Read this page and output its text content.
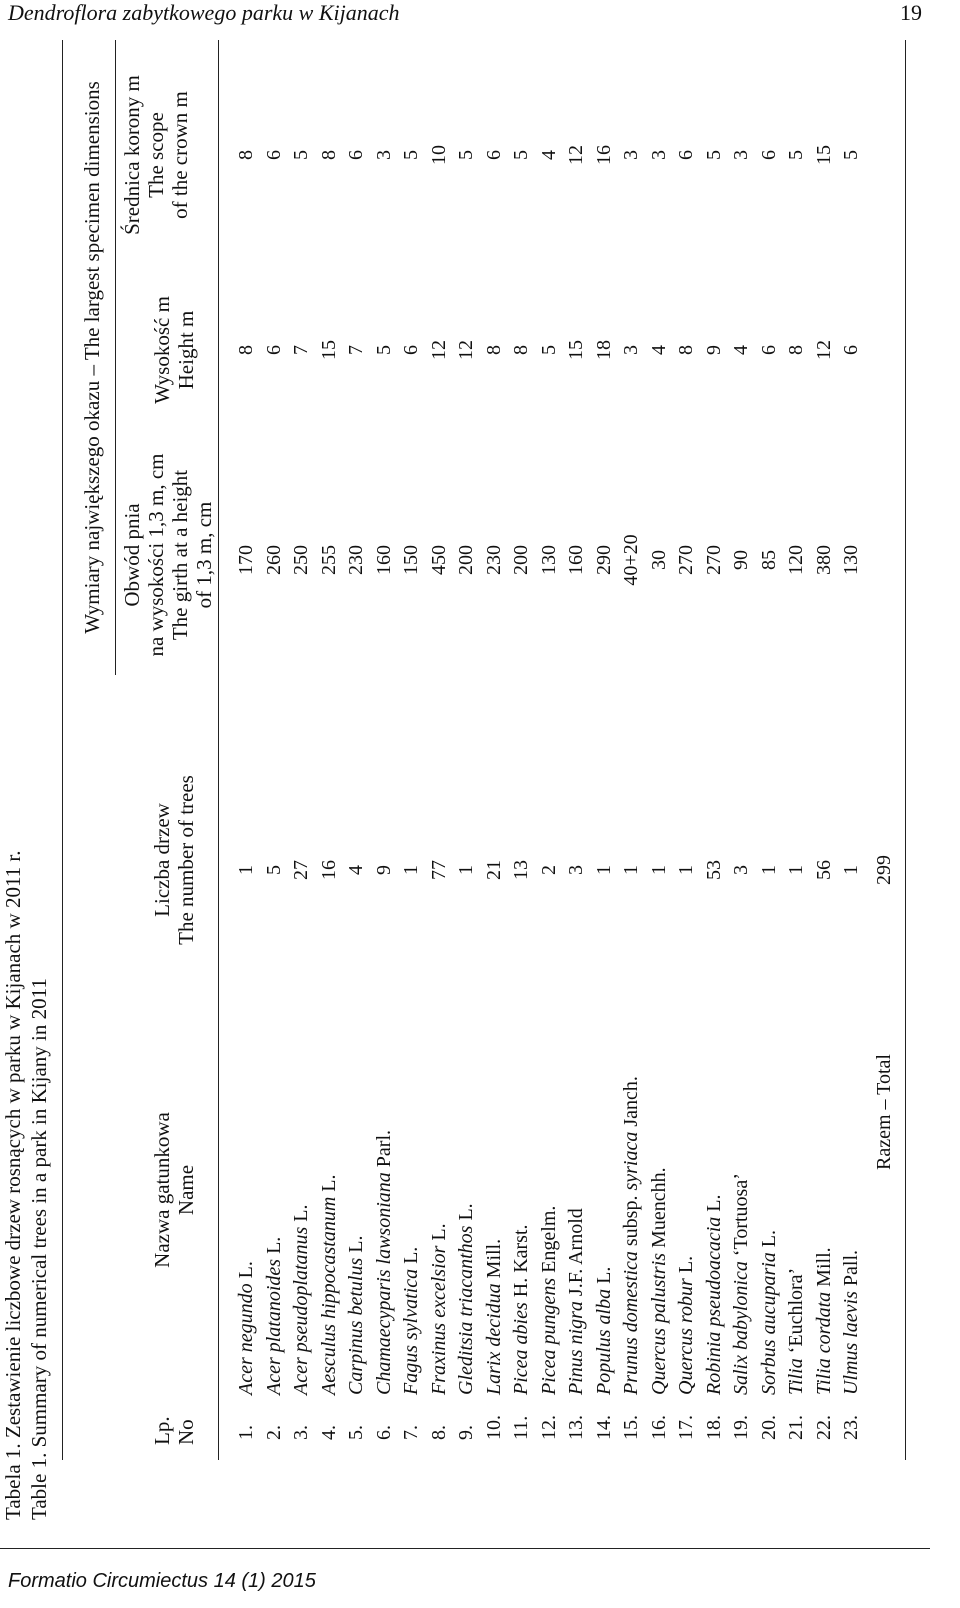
Dendroflora zabytkowego parku w Kijanach	19
Tabela 1. Zestawienie liczbowe drzew rosnących w parku w Kijanach w 2011 r. Table 1. Summary of numerical trees in a park in Kijany in 2011	Lp. No
Nazwa gatunkowa Name
Liczba drzew The number of trees
Wymiary największego okazu – The largest specimen dimensions Obwód pnia na wysokości 1,3 m, cm The girth at a height of 1,3 m, cm
Wysokość m Height m
Średnica korony m The scope of the crown m
1.
Acer negundo L.
1
170
8
8
2.
Acer platanoides L.
5
260
6
6
3.
Acer pseudoplatanus L.
27
250
7
5
4.
Aesculus hippocastanum L.
16
255
15
8
5.
Carpinus betulus L.
4
230
7
6
6.
Chamaecyparis lawsoniana Parl.
9
160
5
3
7.
Fagus sylvatica L.
1
150
6
5
8.
Fraxinus excelsior L.
77
450
12
10
9.
Gleditsia triacanthos L.
1
200
12
5
10.
Larix decidua Mill.
21
230
8
6
11.
Picea abies H. Karst.
13
200
8
5
12.
Picea pungens Engelm.
2
130
5
4
13.
Pinus nigra J.F. Arnold
3
160
15
12
14.
Populus alba L.
1
290
18
16
15.
Prunus domestica subsp. syriaca Janch.
1
40+20
3
3
16.
Quercus palustris Muenchh.
1
30
4
3
17.
Quercus robur L.
1
270
8
6
18.
Robinia pseudoacacia L.
53
270
9
5
19.
Salix babylonica ‘Tortuosa’
3
90
4
3
20.
Sorbus aucuparia L.
1
85
6
6
21.
Tilia ‘Euchlora’
1
120
8
5
22.
Tilia cordata Mill.
56
380
12
15
23.
Ulmus laevis Pall.
1
130
6
5
Razem – Total
299
Formatio Circumiectus 14 (1) 2015
